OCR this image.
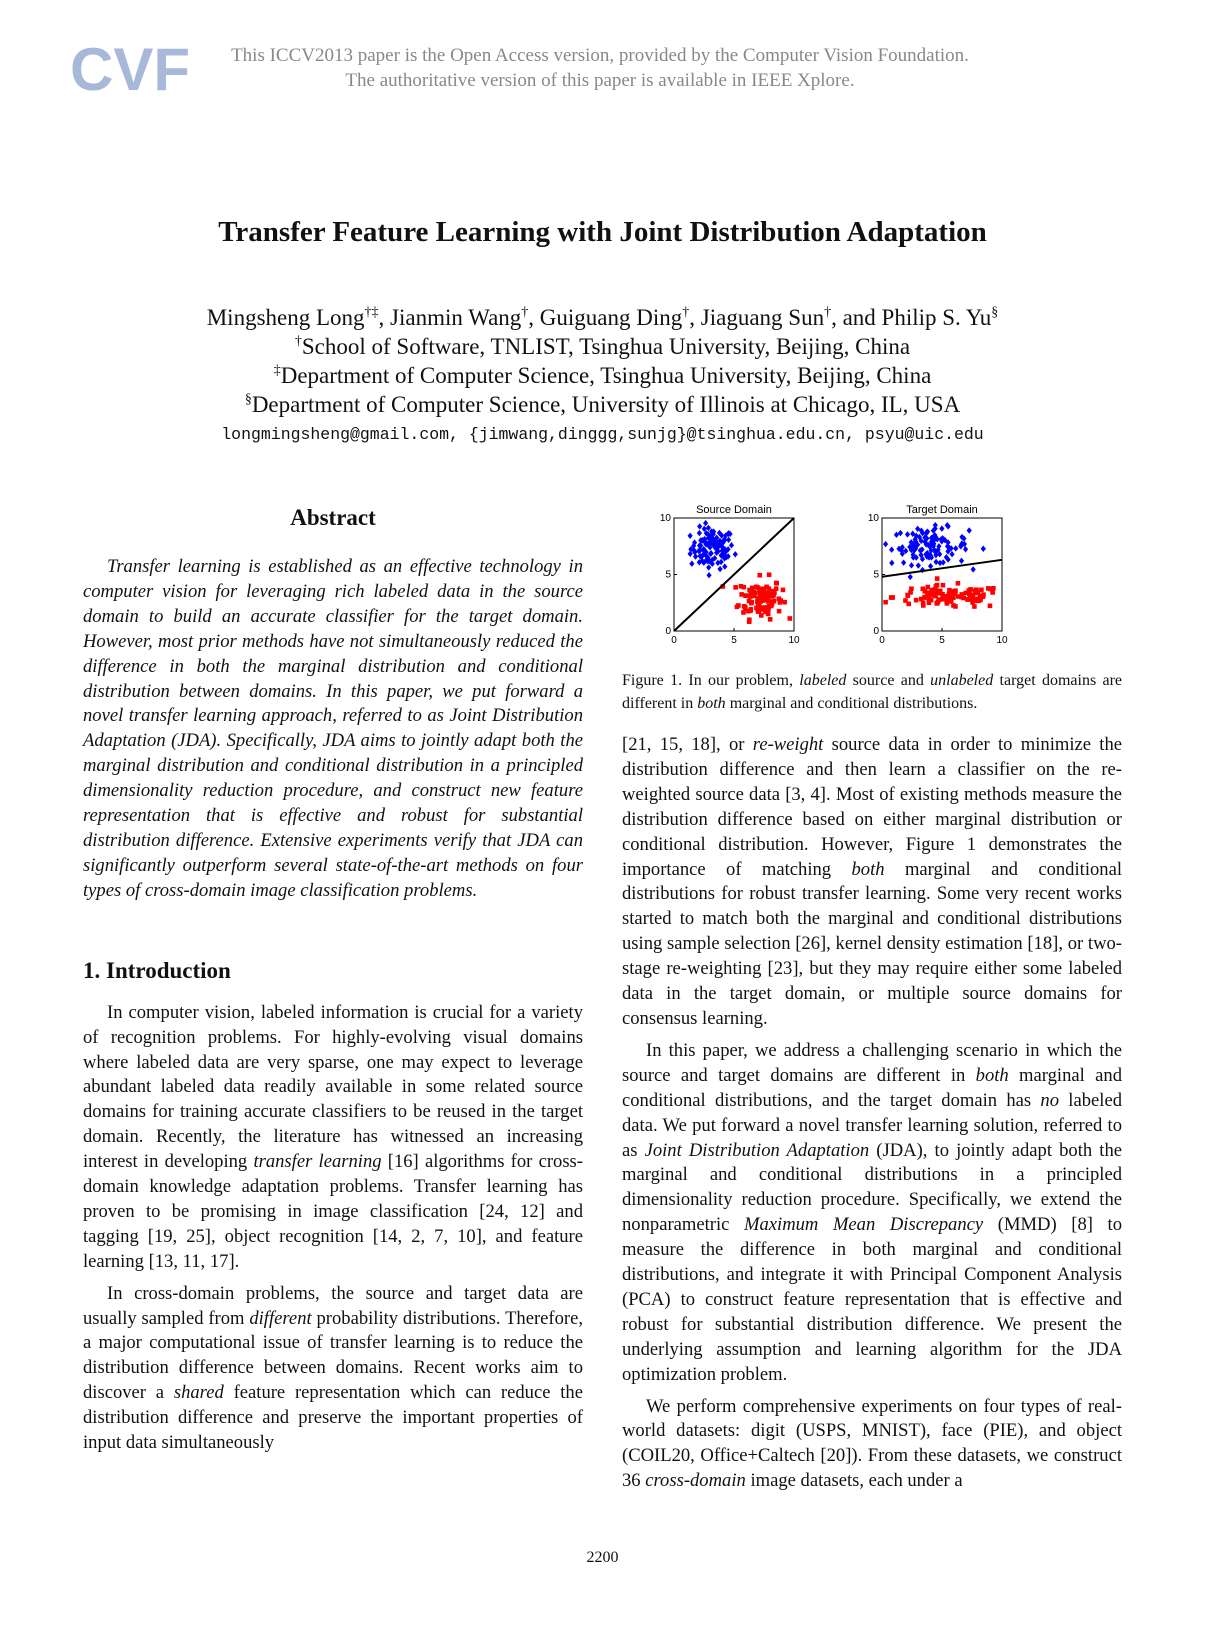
CVF	This ICCV2013 paper is the Open Access version, provided by the Computer Vision Foundation.
The authoritative version of this paper is available in IEEE Xplore.
Transfer Feature Learning with Joint Distribution Adaptation
Mingsheng Long†‡, Jianmin Wang†, Guiguang Ding†, Jiaguang Sun†, and Philip S. Yu§
†School of Software, TNLIST, Tsinghua University, Beijing, China
‡Department of Computer Science, Tsinghua University, Beijing, China
§Department of Computer Science, University of Illinois at Chicago, IL, USA
longmingsheng@gmail.com, {jimwang,dinggg,sunjg}@tsinghua.edu.cn, psyu@uic.edu
Abstract

Transfer learning is established as an effective technology in computer vision for leveraging rich labeled data in the source domain to build an accurate classifier for the target domain. However, most prior methods have not simultaneously reduced the difference in both the marginal distribution and conditional distribution between domains. In this paper, we put forward a novel transfer learning approach, referred to as Joint Distribution Adaptation (JDA). Specifically, JDA aims to jointly adapt both the marginal distribution and conditional distribution in a principled dimensionality reduction procedure, and construct new feature representation that is effective and robust for substantial distribution difference. Extensive experiments verify that JDA can significantly outperform several state-of-the-art methods on four types of cross-domain image classification problems.

1. Introduction

In computer vision, labeled information is crucial for a variety of recognition problems. For highly-evolving visual domains where labeled data are very sparse, one may expect to leverage abundant labeled data readily available in some related source domains for training accurate classifiers to be reused in the target domain. Recently, the literature has witnessed an increasing interest in developing transfer learning [16] algorithms for cross-domain knowledge adaptation problems. Transfer learning has proven to be promising in image classification [24, 12] and tagging [19, 25], object recognition [14, 2, 7, 10], and feature learning [13, 11, 17].

In cross-domain problems, the source and target data are usually sampled from different probability distributions. Therefore, a major computational issue of transfer learning is to reduce the distribution difference between domains. Recent works aim to discover a shared feature representation which can reduce the distribution difference and preserve the important properties of input data simultaneously

Source Domain
0	5	10
0
5
10
Target Domain
0	5	10
0
5
10
Figure 1. In our problem, labeled source and unlabeled target domains are different in both marginal and conditional distributions.

[21, 15, 18], or re-weight source data in order to minimize the distribution difference and then learn a classifier on the re-weighted source data [3, 4]. Most of existing methods measure the distribution difference based on either marginal distribution or conditional distribution. However, Figure 1 demonstrates the importance of matching both marginal and conditional distributions for robust transfer learning. Some very recent works started to match both the marginal and conditional distributions using sample selection [26], kernel density estimation [18], or two-stage re-weighting [23], but they may require either some labeled data in the target domain, or multiple source domains for consensus learning.

In this paper, we address a challenging scenario in which the source and target domains are different in both marginal and conditional distributions, and the target domain has no labeled data. We put forward a novel transfer learning solution, referred to as Joint Distribution Adaptation (JDA), to jointly adapt both the marginal and conditional distributions in a principled dimensionality reduction procedure. Specifically, we extend the nonparametric Maximum Mean Discrepancy (MMD) [8] to measure the difference in both marginal and conditional distributions, and integrate it with Principal Component Analysis (PCA) to construct feature representation that is effective and robust for substantial distribution difference. We present the underlying assumption and learning algorithm for the JDA optimization problem.

We perform comprehensive experiments on four types of real-world datasets: digit (USPS, MNIST), face (PIE), and object (COIL20, Office+Caltech [20]). From these datasets, we construct 36 cross-domain image datasets, each under a

2200
